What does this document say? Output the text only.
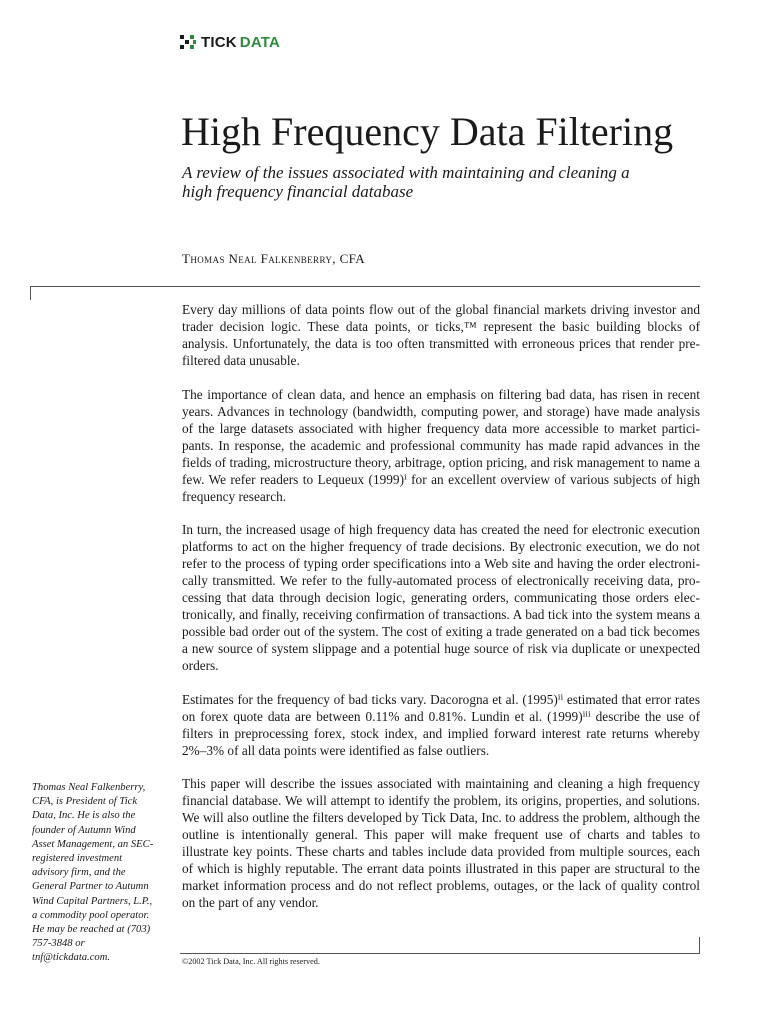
TICK DATA
High Frequency Data Filtering

A review of the issues associated with maintaining and cleaning a high frequency financial database

Thomas Neal Falkenberry, CFA

Every day millions of data points flow out of the global financial markets driving investor and trader decision logic. These data points, or ticks,™ represent the basic building blocks of analysis. Unfortunately, the data is too often transmitted with erroneous prices that render pre-filtered data unusable.

The importance of clean data, and hence an emphasis on filtering bad data, has risen in recent years. Advances in technology (bandwidth, computing power, and storage) have made analysis of the large datasets associated with higher frequency data more accessible to market partici-pants. In response, the academic and professional community has made rapid advances in the fields of trading, microstructure theory, arbitrage, option pricing, and risk management to name a few. We refer readers to Lequeux (1999)ⁱ for an excellent overview of various subjects of high frequency research.

In turn, the increased usage of high frequency data has created the need for electronic execution platforms to act on the higher frequency of trade decisions. By electronic execution, we do not refer to the process of typing order specifications into a Web site and having the order electroni-cally transmitted. We refer to the fully-automated process of electronically receiving data, pro-cessing that data through decision logic, generating orders, communicating those orders elec-tronically, and finally, receiving confirmation of transactions. A bad tick into the system means a possible bad order out of the system. The cost of exiting a trade generated on a bad tick becomes a new source of system slippage and a potential huge source of risk via duplicate or unexpected orders.

Estimates for the frequency of bad ticks vary. Dacorogna et al. (1995)ⁱⁱ estimated that error rates on forex quote data are between 0.11% and 0.81%. Lundin et al. (1999)ⁱⁱⁱ describe the use of filters in preprocessing forex, stock index, and implied forward interest rate returns whereby 2%–3% of all data points were identified as false outliers.

This paper will describe the issues associated with maintaining and cleaning a high frequency financial database. We will attempt to identify the problem, its origins, properties, and solutions. We will also outline the filters developed by Tick Data, Inc. to address the problem, although the outline is intentionally general. This paper will make frequent use of charts and tables to illustrate key points. These charts and tables include data provided from multiple sources, each of which is highly reputable. The errant data points illustrated in this paper are structural to the market information process and do not reflect problems, outages, or the lack of quality control on the part of any vendor.

Thomas Neal Falkenberry, CFA, is President of Tick Data, Inc. He is also the founder of Autumn Wind Asset Management, an SEC-registered investment advisory firm, and the General Partner to Autumn Wind Capital Partners, L.P., a commodity pool operator. He may be reached at (703) 757-3848 or tnf@tickdata.com.	©2002 Tick Data, Inc. All rights reserved.
